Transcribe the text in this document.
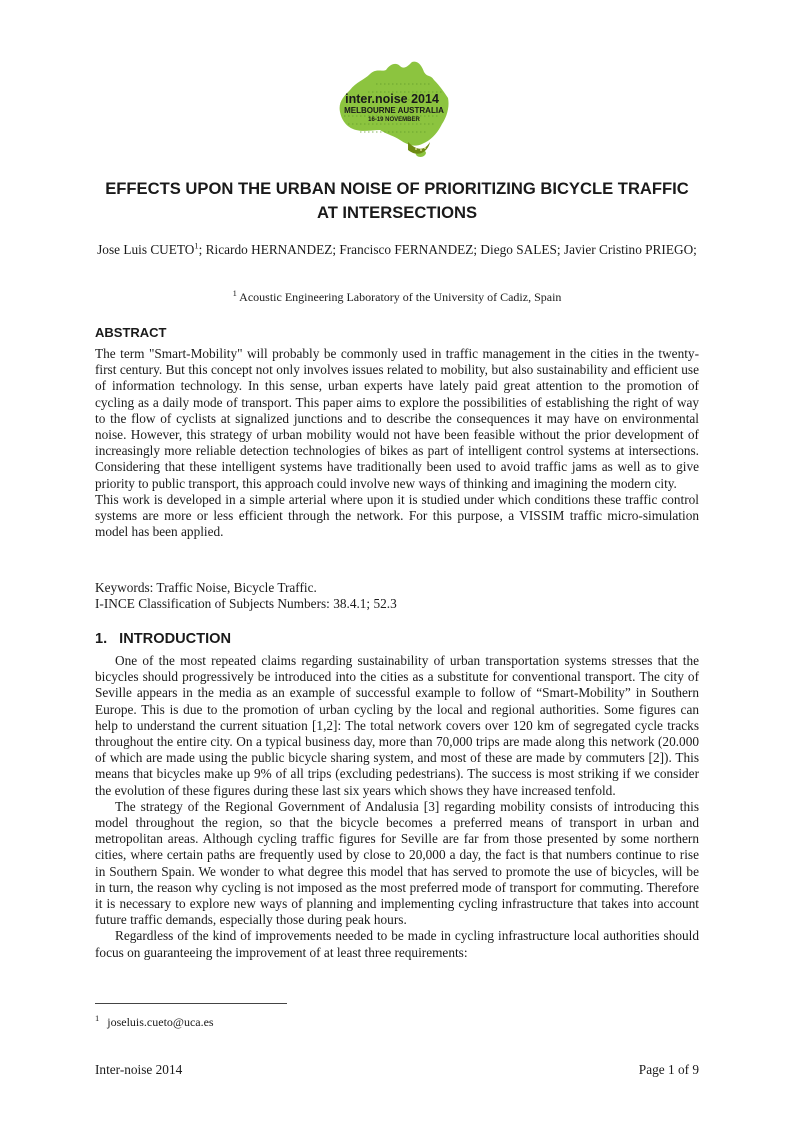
inter.noise 2014
MELBOURNE AUSTRALIA
16-19 NOVEMBER
EFFECTS UPON THE URBAN NOISE OF PRIORITIZING BICYCLE TRAFFIC AT INTERSECTIONS
Jose Luis CUETO$^1$; Ricardo HERNANDEZ; Francisco FERNANDEZ; Diego SALES; Javier Cristino PRIEGO;
$^1$ Acoustic Engineering Laboratory of the University of Cadiz, Spain
ABSTRACT

The term "Smart-Mobility" will probably be commonly used in traffic management in the cities in the twenty-first century. But this concept not only involves issues related to mobility, but also sustainability and efficient use of information technology. In this sense, urban experts have lately paid great attention to the promotion of cycling as a daily mode of transport. This paper aims to explore the possibilities of establishing the right of way to the flow of cyclists at signalized junctions and to describe the consequences it may have on environmental noise. However, this strategy of urban mobility would not have been feasible without the prior development of increasingly more reliable detection technologies of bikes as part of intelligent control systems at intersections. Considering that these intelligent systems have traditionally been used to avoid traffic jams as well as to give priority to public transport, this approach could involve new ways of thinking and imagining the modern city.

This work is developed in a simple arterial where upon it is studied under which conditions these traffic control systems are more or less efficient through the network. For this purpose, a VISSIM traffic micro-simulation model has been applied.

Keywords: Traffic Noise, Bicycle Traffic.
I-INCE Classification of Subjects Numbers: 38.4.1; 52.3
1. INTRODUCTION

One of the most repeated claims regarding sustainability of urban transportation systems stresses that the bicycles should progressively be introduced into the cities as a substitute for conventional transport. The city of Seville appears in the media as an example of successful example to follow of “Smart-Mobility” in Southern Europe. This is due to the promotion of urban cycling by the local and regional authorities. Some figures can help to understand the current situation [1,2]: The total network covers over 120 km of segregated cycle tracks throughout the entire city. On a typical business day, more than 70,000 trips are made along this network (20.000 of which are made using the public bicycle sharing system, and most of these are made by commuters [2]). This means that bicycles make up 9% of all trips (excluding pedestrians). The success is most striking if we consider the evolution of these figures during these last six years which shows they have increased tenfold.

The strategy of the Regional Government of Andalusia [3] regarding mobility consists of introducing this model throughout the region, so that the bicycle becomes a preferred means of transport in urban and metropolitan areas. Although cycling traffic figures for Seville are far from those presented by some northern cities, where certain paths are frequently used by close to 20,000 a day, the fact is that numbers continue to rise in Southern Spain. We wonder to what degree this model that has served to promote the use of bicycles, will be in turn, the reason why cycling is not imposed as the most preferred mode of transport for commuting. Therefore it is necessary to explore new ways of planning and implementing cycling infrastructure that takes into account future traffic demands, especially those during peak hours.

Regardless of the kind of improvements needed to be made in cycling infrastructure local authorities should focus on guaranteeing the improvement of at least three requirements:

$^1$ joseluis.cueto@uca.es
Inter-noise 2014	Page 1 of 9
